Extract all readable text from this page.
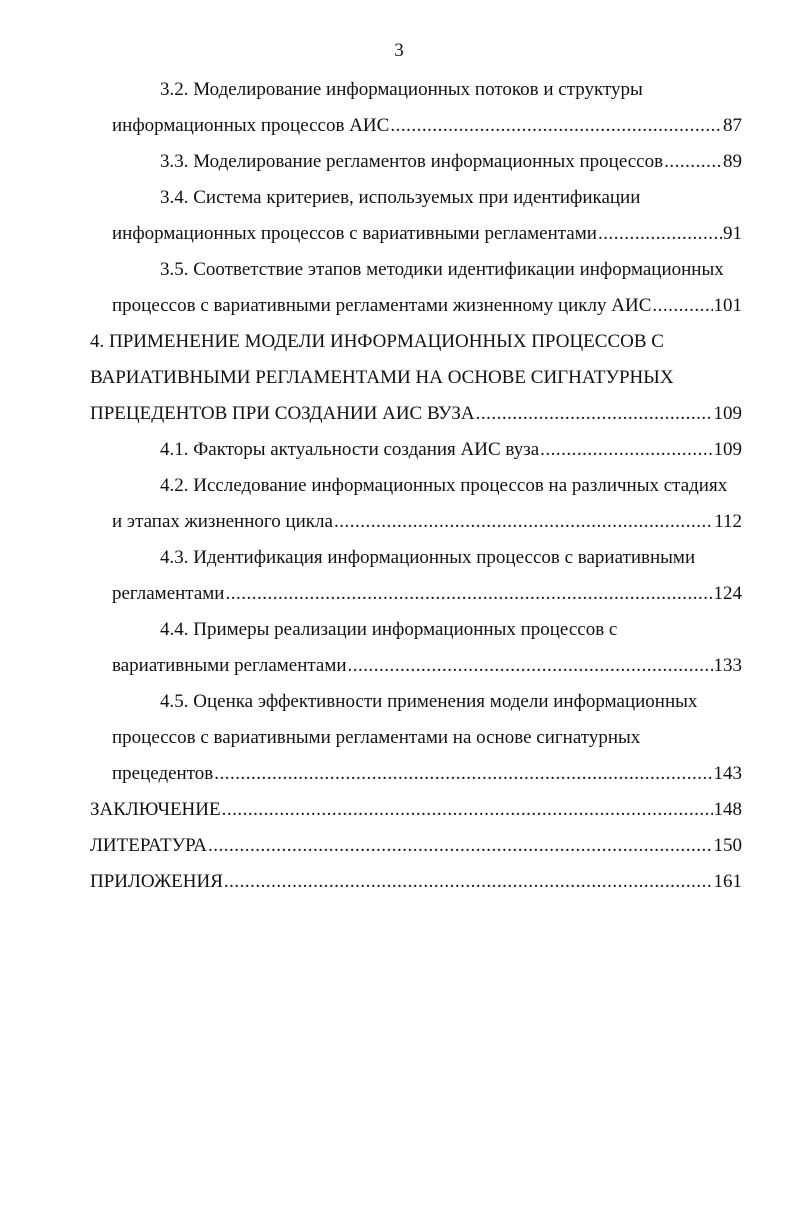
3
3.2. Моделирование информационных потоков и структуры
информационных процессов АИС .....	87
3.3. Моделирование регламентов информационных процессов .....	89
3.4. Система критериев, используемых при идентификации
информационных процессов с вариативными регламентами .....	91
3.5. Соответствие этапов методики идентификации информационных
процессов с вариативными регламентами жизненному циклу АИС .....	101
4. ПРИМЕНЕНИЕ МОДЕЛИ ИНФОРМАЦИОННЫХ ПРОЦЕССОВ С
ВАРИАТИВНЫМИ РЕГЛАМЕНТАМИ НА ОСНОВЕ СИГНАТУРНЫХ
ПРЕЦЕДЕНТОВ ПРИ СОЗДАНИИ АИС ВУЗА .....	109
4.1. Факторы актуальности создания АИС вуза .....	109
4.2. Исследование информационных процессов на различных стадиях
и этапах жизненного цикла .....	112
4.3. Идентификация информационных процессов с вариативными
регламентами .....	124
4.4. Примеры реализации информационных процессов с
вариативными регламентами .....	133
4.5. Оценка эффективности применения модели информационных
процессов с вариативными регламентами на основе сигнатурных
прецедентов .....	143
ЗАКЛЮЧЕНИЕ .....	148
ЛИТЕРАТУРА .....	150
ПРИЛОЖЕНИЯ .....	161
